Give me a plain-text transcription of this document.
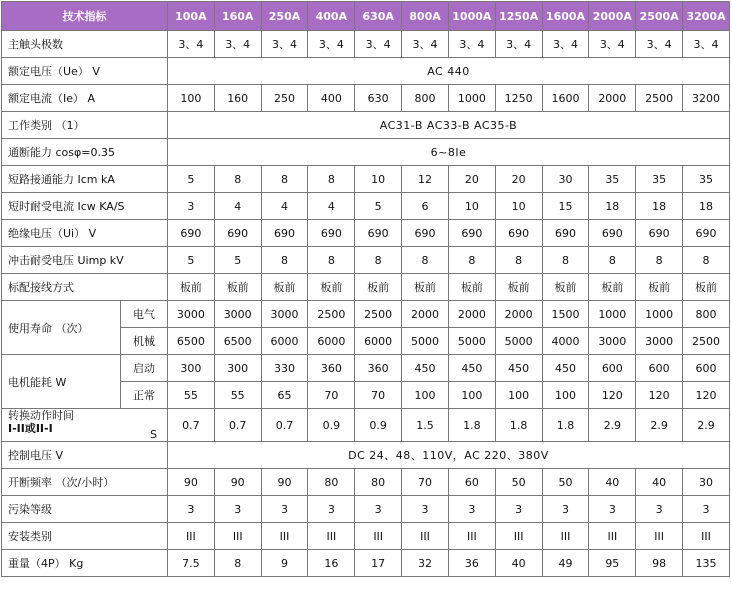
技术指标		100A	160A	250A	400A	630A	800A	1000A	1250A	1600A	2000A	2500A	3200A
主触头极数		3、4	3、4	3、4	3、4	3、4	3、4	3、4	3、4	3、4	3、4	3、4	3、4
额定电压（Ue） V		AC 440											
额定电流（Ie） A		100	160	250	400	630	800	1000	1250	1600	2000	2500	3200
工作类别 （1）		AC31-B AC33-B AC35-B											
通断能力 cosφ=0.35		6~8Ie											
短路接通能力 Icm kA		5	8	8	8	10	12	20	20	30	35	35	35
短时耐受电流 Icw KA/S		3	4	4	4	5	6	10	10	15	18	18	18
绝缘电压（Ui） V		690	690	690	690	690	690	690	690	690	690	690	690
冲击耐受电压 Uimp kV		5	5	8	8	8	8	8	8	8	8	8	8
标配接线方式		板前	板前	板前	板前	板前	板前	板前	板前	板前	板前	板前	板前
使用寿命 （次）	电气	3000	3000	3000	2500	2500	2000	2000	2000	1500	1000	1000	800
	机械	6500	6500	6000	6000	6000	5000	5000	5000	4000	3000	3000	2500
电机能耗 W	启动	300	300	330	360	360	450	450	450	450	600	600	600
	正常	55	55	65	70	70	100	100	100	100	120	120	120

转换动作时间
I-II或II-I S		0.7	0.7	0.7	0.9	0.9	1.5	1.8	1.8	1.8	2.9	2.9	2.9
控制电压 V		DC 24、48、110V，AC 220、380V											
开断频率 （次/小时）		90	90	90	80	80	70	60	50	50	40	40	30
污染等级		3	3	3	3	3	3	3	3	3	3	3	3
安装类别		III	III	III	III	III	III	III	III	III	III	III	III
重量（4P） Kg		7.5	8	9	16	17	32	36	40	49	95	98	135
